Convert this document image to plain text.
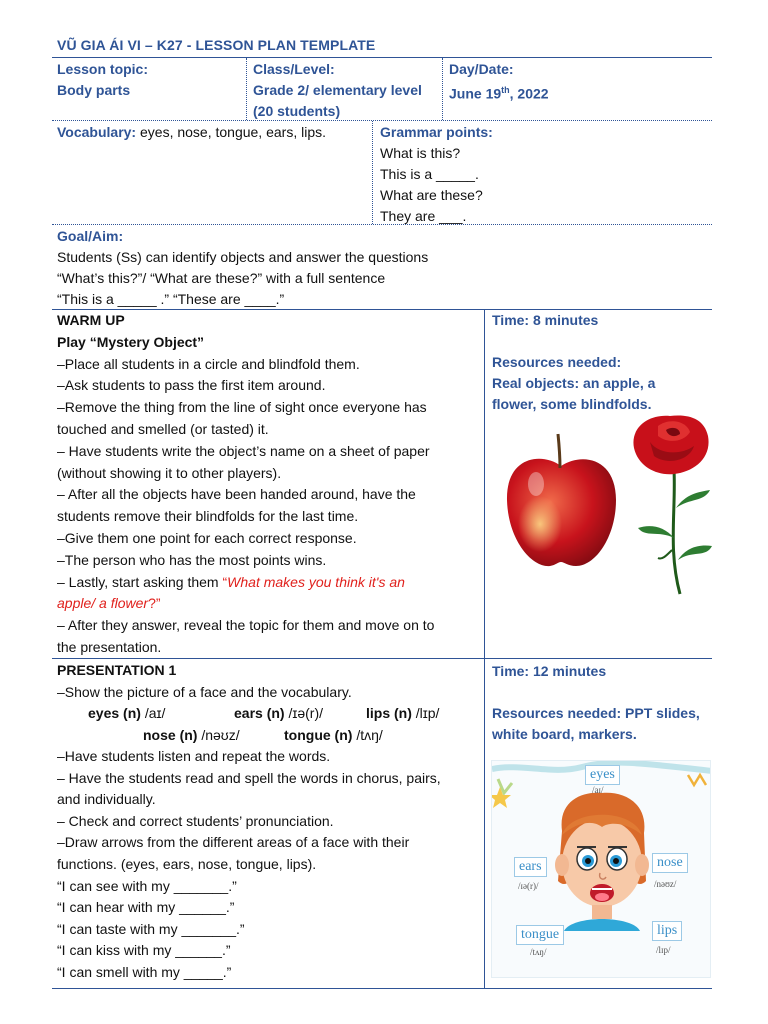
VŨ GIA ÁI VI – K27 - LESSON PLAN TEMPLATE
Lesson topic:
Body parts
Class/Level:
Grade 2/ elementary level
(20 students)
Day/Date:
June 19th, 2022
Vocabulary: eyes, nose, tongue, ears, lips.	Grammar points:
What is this?
This is a _____.
What are these?
They are ___.
Goal/Aim:
Students (Ss) can identify objects and answer the questions
“What’s this?”/ “What are these?” with a full sentence
“This is a _____ .” “These are ____.”
WARM UP
Play “Mystery Object”
–Place all students in a circle and blindfold them.
–Ask students to pass the first item around.
–Remove the thing from the line of sight once everyone has
touched and smelled (or tasted) it.
– Have students write the object’s name on a sheet of paper
(without showing it to other players).
– After all the objects have been handed around, have the
students remove their blindfolds for the last time.
–Give them one point for each correct response.
–The person who has the most points wins.
– Lastly, start asking them “What makes you think it's an
apple/ a flower?”
– After they answer, reveal the topic for them and move on to
the presentation.
Time: 8 minutes

Resources needed:
Real objects: an apple, a
flower, some blindfolds.
PRESENTATION 1
–Show the picture of a face and the vocabulary.
eyes (n) /aɪ/	ears (n) /ɪə(r)/	lips (n) /lɪp/
nose (n) /nəʊz/	tongue (n) /tʌŋ/
–Have students listen and repeat the words.
– Have the students read and spell the words in chorus, pairs,
and individually.
– Check and correct students’ pronunciation.
–Draw arrows from the different areas of a face with their
functions. (eyes, ears, nose, tongue, lips).
“I can see with my _______.”
“I can hear with my ______.”
“I can taste with my _______.”
“I can kiss with my ______.”
“I can smell with my _____.”
Time: 12 minutes

Resources needed: PPT slides,
white board, markers.
eyes
/aɪ/
ears
/ɪə(r)/
nose
/nəʊz/
tongue
/tʌŋ/
lips
/lɪp/
